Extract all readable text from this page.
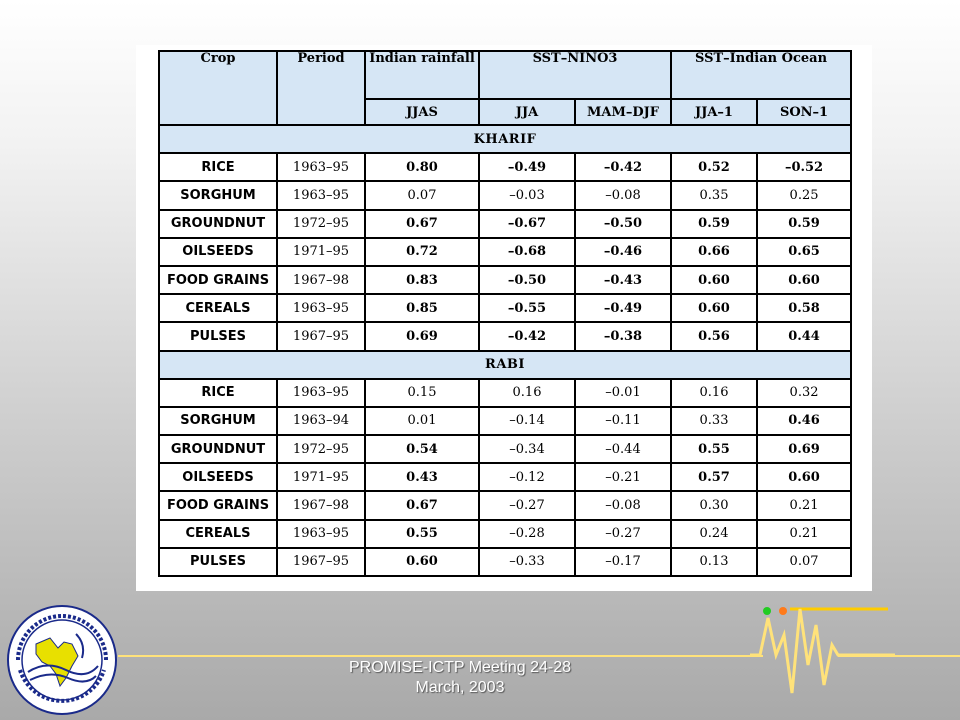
Crop	Period	Indian rainfall	SST–NINO3		SST–Indian Ocean	
		JJAS	JJA	MAM–DJF	JJA–1	SON–1
KHARIF						
RICE	1963–95	0.80	–0.49	–0.42	0.52	–0.52
SORGHUM	1963–95	0.07	–0.03	–0.08	0.35	0.25
GROUNDNUT	1972–95	0.67	–0.67	–0.50	0.59	0.59
OILSEEDS	1971–95	0.72	–0.68	–0.46	0.66	0.65
FOOD GRAINS	1967–98	0.83	–0.50	–0.43	0.60	0.60
CEREALS	1963–95	0.85	–0.55	–0.49	0.60	0.58
PULSES	1967–95	0.69	–0.42	–0.38	0.56	0.44
RABI						
RICE	1963–95	0.15	0.16	–0.01	0.16	0.32
SORGHUM	1963–94	0.01	–0.14	–0.11	0.33	0.46
GROUNDNUT	1972–95	0.54	–0.34	–0.44	0.55	0.69
OILSEEDS	1971–95	0.43	–0.12	–0.21	0.57	0.60
FOOD GRAINS	1967–98	0.67	–0.27	–0.08	0.30	0.21
CEREALS	1963–95	0.55	–0.28	–0.27	0.24	0.21
PULSES	1967–95	0.60	–0.33	–0.17	0.13	0.07
PROMISE-ICTP Meeting 24-28
March, 2003
